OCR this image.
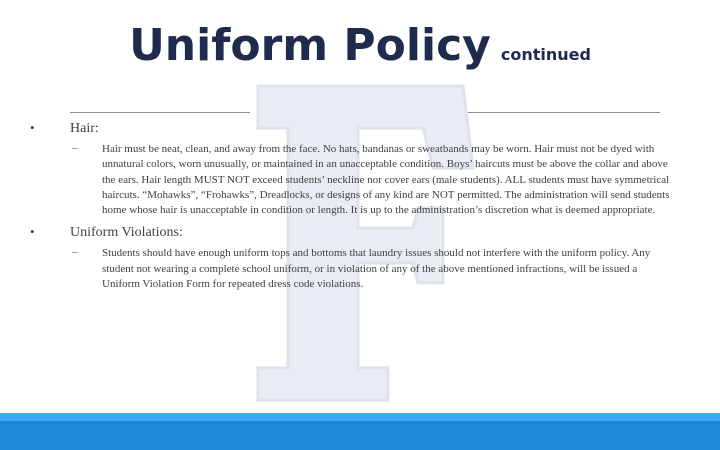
Uniform Policy continued
•	Hair:
– Hair must be neat, clean, and away from the face. No hats, bandanas or sweatbands may be worn. Hair must not be dyed with unnatural colors, worn unusually, or maintained in an unacceptable condition. Boys’ haircuts must be above the collar and above the ears. Hair length MUST NOT exceed students’ neckline nor cover ears (male students). ALL students must have symmetrical haircuts. “Mohawks”, “Frohawks”, Dreadlocks, or designs of any kind are NOT permitted. The administration will send students home whose hair is unacceptable in condition or length. It is up to the administration’s discretion what is deemed appropriate.
•	Uniform Violations:
– Students should have enough uniform tops and bottoms that laundry issues should not interfere with the uniform policy. Any student not wearing a complete school uniform, or in violation of any of the above mentioned infractions, will be issued a Uniform Violation Form for repeated dress code violations.
